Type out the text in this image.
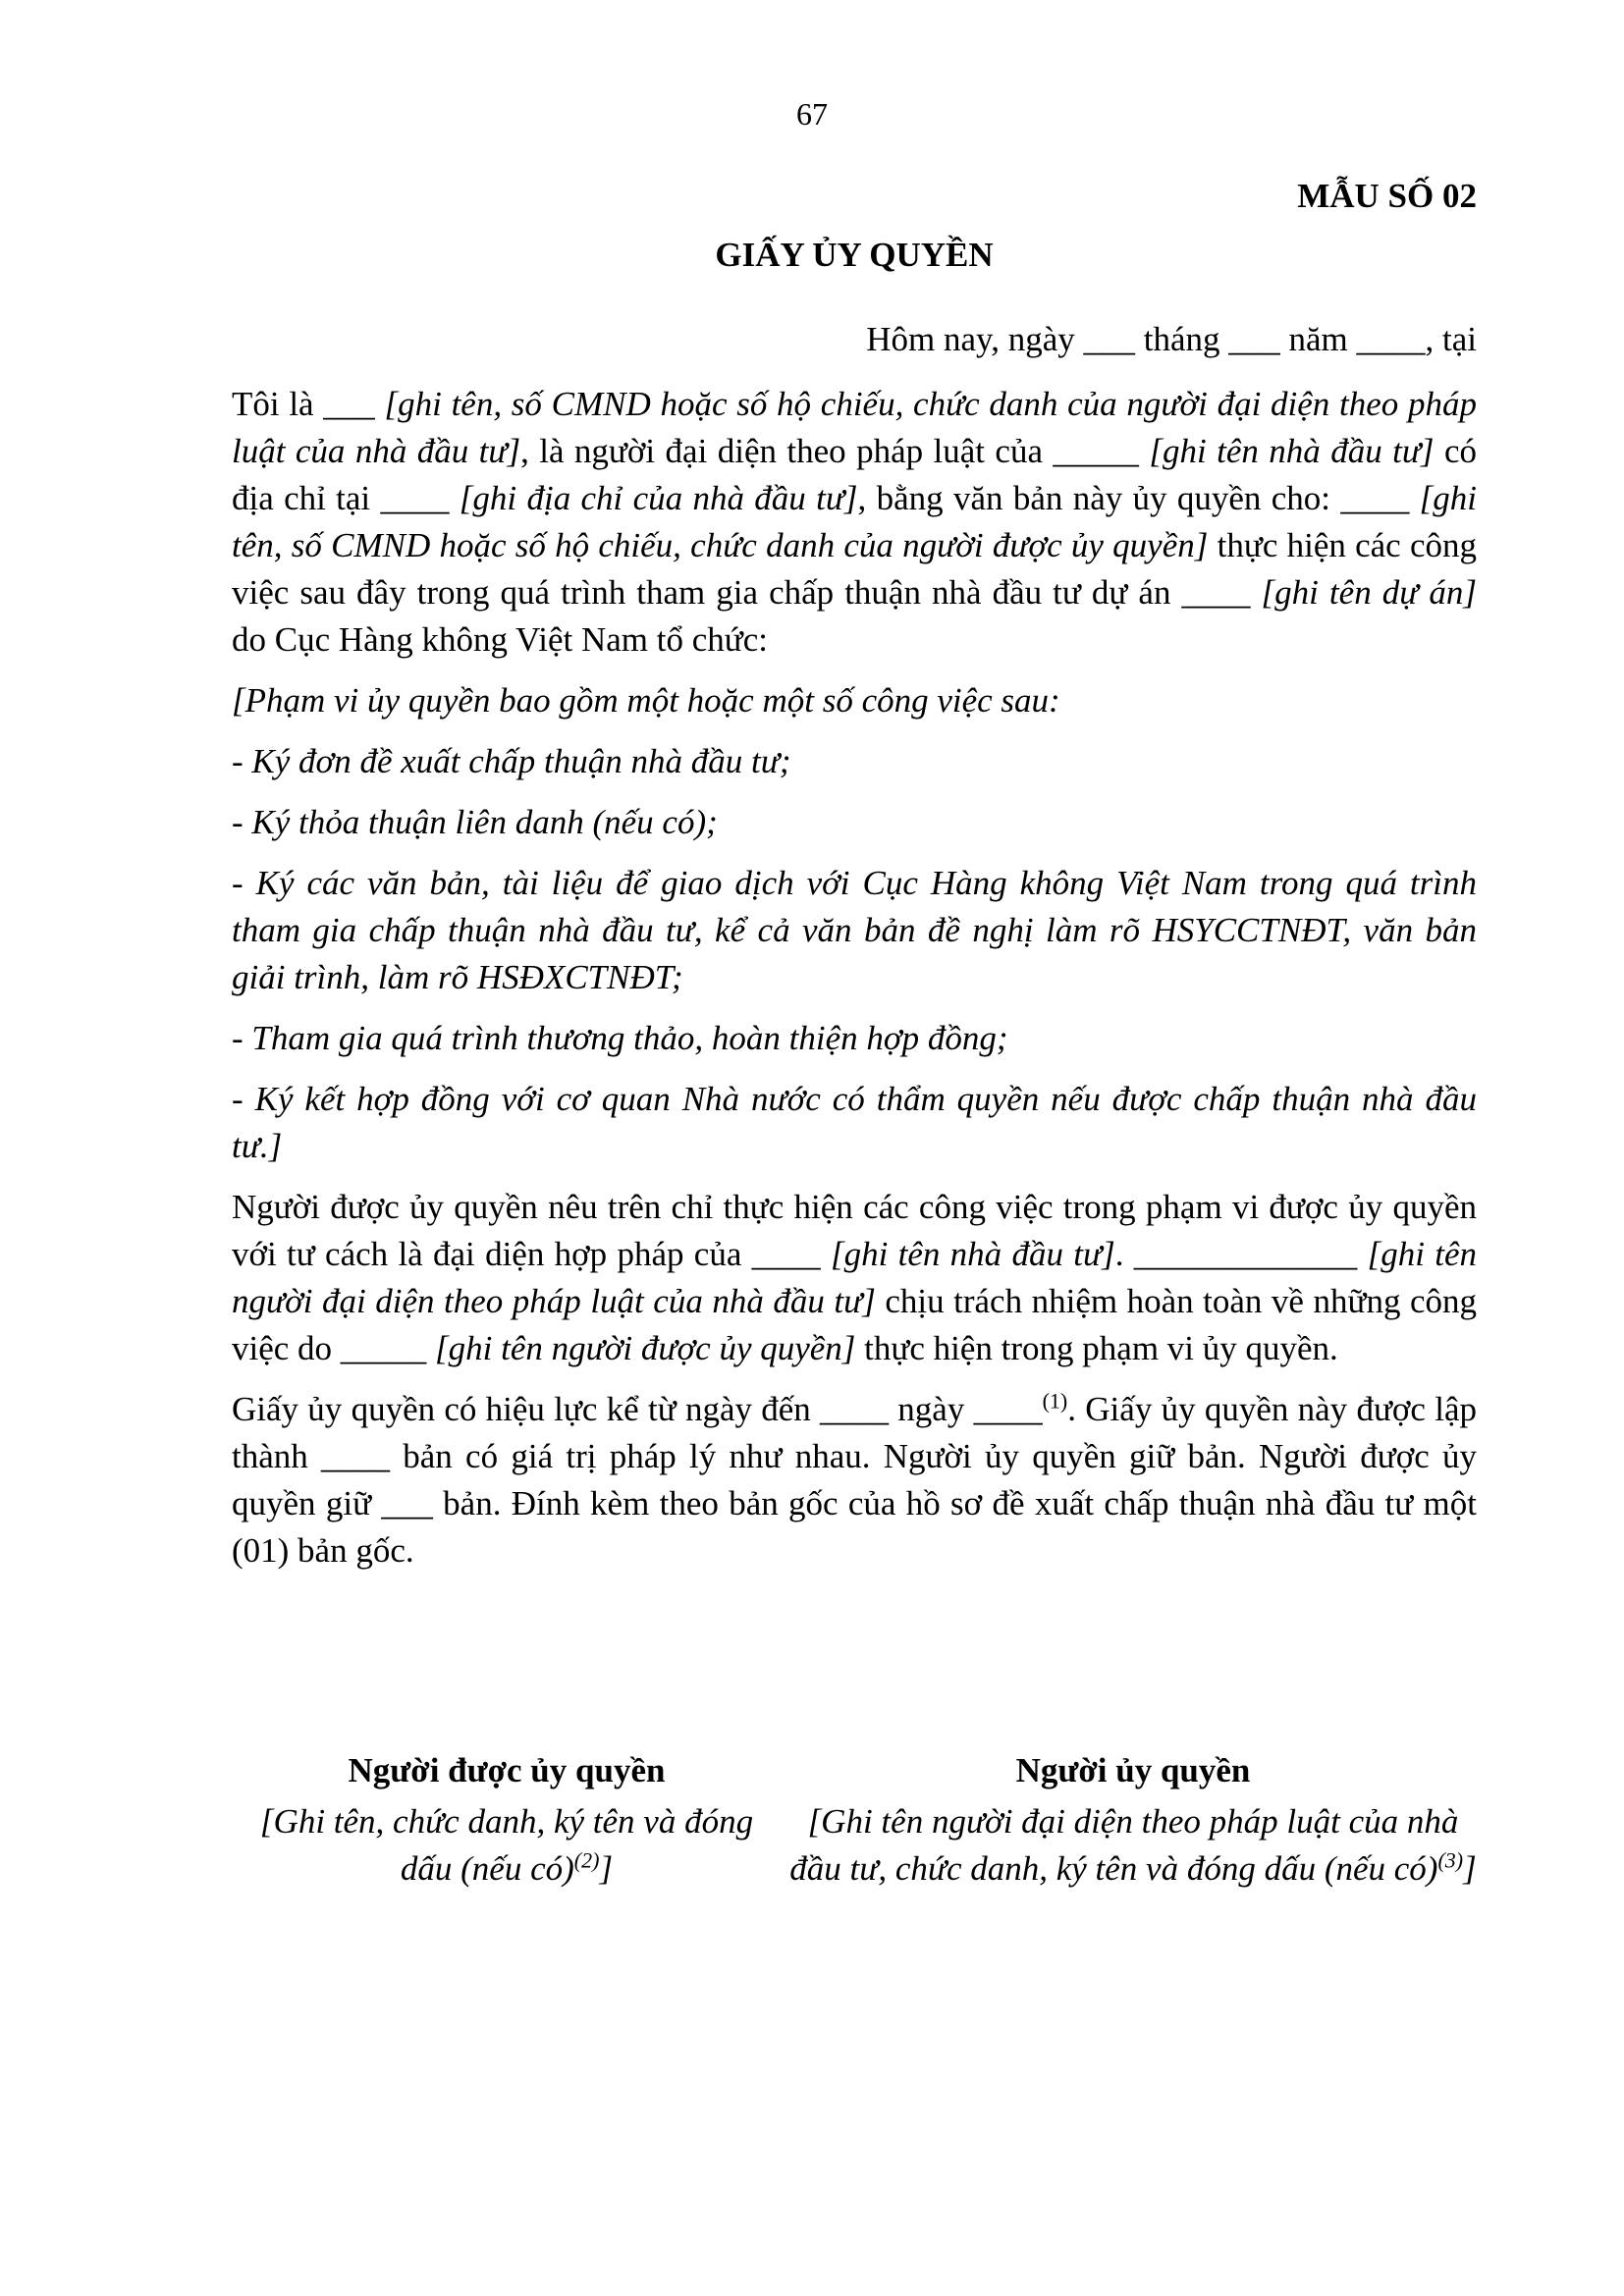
67
MẪU SỐ 02
GIẤY ỦY QUYỀN

Hôm nay, ngày ___ tháng ___ năm ____, tại

Tôi là ___ [ghi tên, số CMND hoặc số hộ chiếu, chức danh của người đại diện theo pháp luật của nhà đầu tư], là người đại diện theo pháp luật của _____ [ghi tên nhà đầu tư] có địa chỉ tại ____ [ghi địa chỉ của nhà đầu tư], bằng văn bản này ủy quyền cho: ____ [ghi tên, số CMND hoặc số hộ chiếu, chức danh của người được ủy quyền] thực hiện các công việc sau đây trong quá trình tham gia chấp thuận nhà đầu tư dự án ____ [ghi tên dự án] do Cục Hàng không Việt Nam tổ chức:

[Phạm vi ủy quyền bao gồm một hoặc một số công việc sau:

- Ký đơn đề xuất chấp thuận nhà đầu tư;

- Ký thỏa thuận liên danh (nếu có);

- Ký các văn bản, tài liệu để giao dịch với Cục Hàng không Việt Nam trong quá trình tham gia chấp thuận nhà đầu tư, kể cả văn bản đề nghị làm rõ HSYCCTNĐT, văn bản giải trình, làm rõ HSĐXCTNĐT;

- Tham gia quá trình thương thảo, hoàn thiện hợp đồng;

- Ký kết hợp đồng với cơ quan Nhà nước có thẩm quyền nếu được chấp thuận nhà đầu tư.]

Người được ủy quyền nêu trên chỉ thực hiện các công việc trong phạm vi được ủy quyền với tư cách là đại diện hợp pháp của ____ [ghi tên nhà đầu tư]. _____________ [ghi tên người đại diện theo pháp luật của nhà đầu tư] chịu trách nhiệm hoàn toàn về những công việc do _____ [ghi tên người được ủy quyền] thực hiện trong phạm vi ủy quyền.

Giấy ủy quyền có hiệu lực kể từ ngày đến ____ ngày ____$^{(1)}$. Giấy ủy quyền này được lập thành ____ bản có giá trị pháp lý như nhau. Người ủy quyền giữ bản. Người được ủy quyền giữ ___ bản. Đính kèm theo bản gốc của hồ sơ đề xuất chấp thuận nhà đầu tư một (01) bản gốc.

Người được ủy quyền
[Ghi tên, chức danh, ký tên và đóng dấu (nếu có)$^{(2)}$]
Người ủy quyền
[Ghi tên người đại diện theo pháp luật của nhà đầu tư, chức danh, ký tên và đóng dấu (nếu có)$^{(3)}$]
